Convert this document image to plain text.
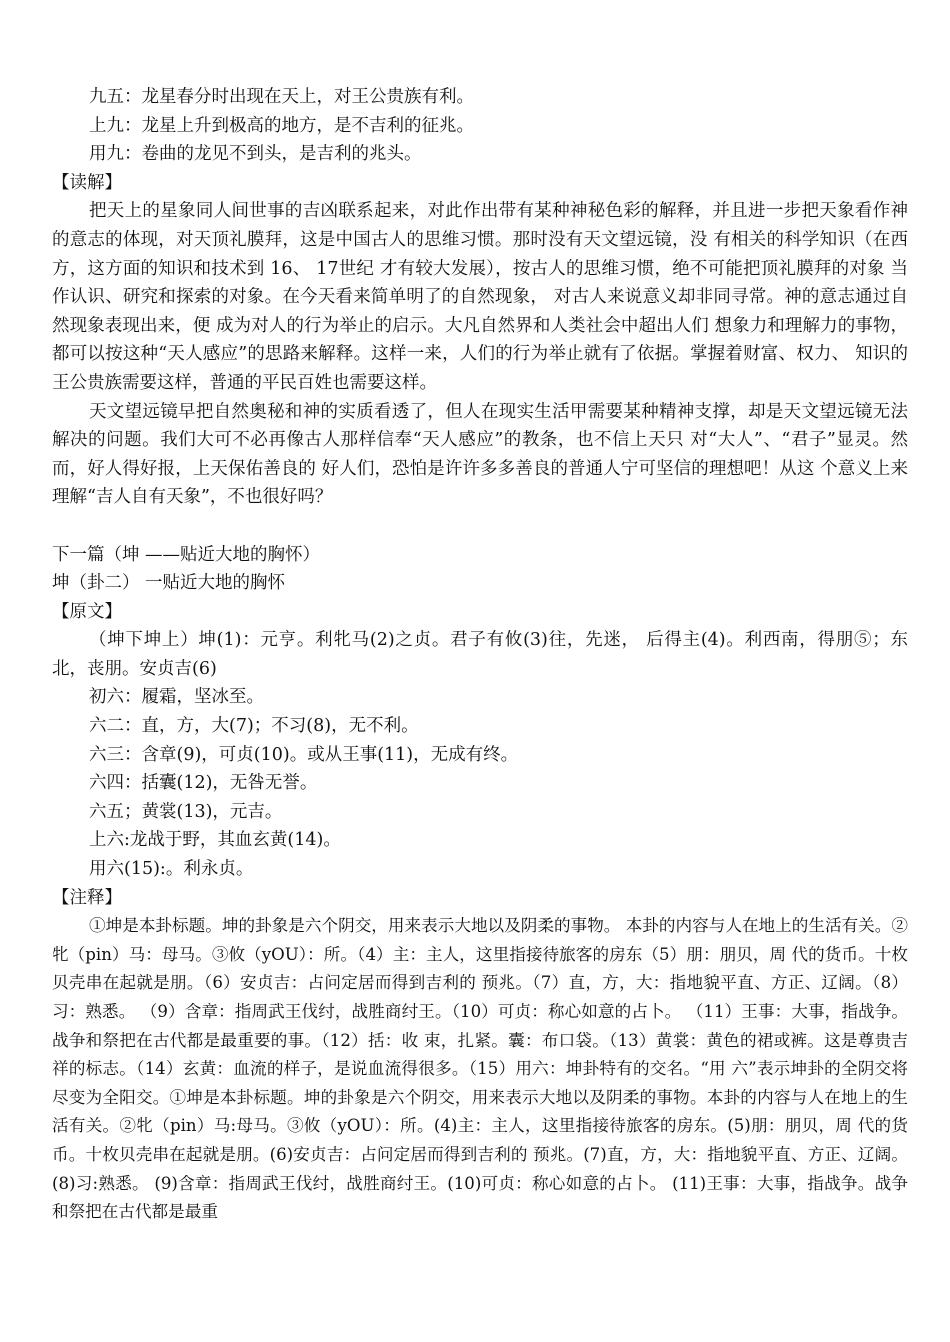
九五：龙星春分时出现在天上，对王公贵族有利。
上九：龙星上升到极高的地方，是不吉利的征兆。
用九：卷曲的龙见不到头，是吉利的兆头。
【读解】
把天上的星象同人间世事的吉凶联系起来，对此作出带有某种神秘色彩的解释，并且进一步把天象看作神的意志的体现，对天顶礼膜拜，这是中国古人的思维习惯。那时没有天文望远镜，没 有相关的科学知识（在西方，这方面的知识和技术到 16、 17世纪 才有较大发展），按古人的思维习惯，绝不可能把顶礼膜拜的对象 当作认识、研究和探索的对象。在今天看来简单明了的自然现象， 对古人来说意义却非同寻常。神的意志通过自然现象表现出来，便 成为对人的行为举止的启示。大凡自然界和人类社会中超出人们 想象力和理解力的事物，都可以按这种“天人感应”的思路来解释。这样一来，人们的行为举止就有了依据。掌握着财富、权力、 知识的王公贵族需要这样，普通的平民百姓也需要这样。
天文望远镜早把自然奥秘和神的实质看透了，但人在现实生活甲需要某种精神支撑，却是天文望远镜无法解决的问题。我们大可不必再像古人那样信奉“天人感应”的教条，也不信上天只 对“大人”、“君子”显灵。然而，好人得好报，上天保佑善良的 好人们，恐怕是许许多多善良的普通人宁可坚信的理想吧！从这 个意义上来理解“吉人自有天象”，不也很好吗？
下一篇（坤 ——贴近大地的胸怀）
坤（卦二） 一贴近大地的胸怀
【原文】
（坤下坤上）坤(1)：元亨。利牝马(2)之贞。君子有攸(3)往，先迷， 后得主(4)。利西南，得朋⑤；东北，丧朋。安贞吉(6)
初六：履霜，坚冰至。
六二：直，方，大(7)；不习(8)，无不利。
六三：含章(9)，可贞(10)。或从王事(11)，无成有终。
六四：括囊(12)，无咎无誉。
六五；黄裳(13)，元吉。
上六:龙战于野，其血玄黄(14)。
用六(15):。利永贞。
【注释】
①坤是本卦标题。坤的卦象是六个阴交，用来表示大地以及阴柔的事物。 本卦的内容与人在地上的生活有关。②牝（pin）马：母马。③攸（yOU）：所。（4）主：主人，这里指接待旅客的房东（5）朋：朋贝，周 代的货币。十枚贝壳串在起就是朋。（6）安贞吉：占问定居而得到吉利的 预兆。（7）直，方，大：指地貌平直、方正、辽阔。（8）习：熟悉。 （9）含章：指周武王伐纣，战胜商纣王。（10）可贞：称心如意的占卜。 （11）王事：大事，指战争。战争和祭把在古代都是最重要的事。（12）括：收 束，扎紧。囊：布口袋。（13）黄裳：黄色的裙或裤。这是尊贵吉祥的标志。（14）玄黄：血流的样子，是说血流得很多。（15）用六：坤卦特有的交名。“用 六”表示坤卦的全阴交将尽变为全阳交。①坤是本卦标题。坤的卦象是六个阴交，用来表示大地以及阴柔的事物。本卦的内容与人在地上的生活有关。②牝（pin）马:母马。③攸（yOU）：所。(4)主：主人，这里指接待旅客的房东。(5)朋：朋贝，周 代的货币。十枚贝壳串在起就是朋。(6)安贞吉：占问定居而得到吉利的 预兆。(7)直，方，大：指地貌平直、方正、辽阔。(8)习:熟悉。 (9)含章：指周武王伐纣，战胜商纣王。(10)可贞：称心如意的占卜。 (11)王事：大事，指战争。战争和祭把在古代都是最重
